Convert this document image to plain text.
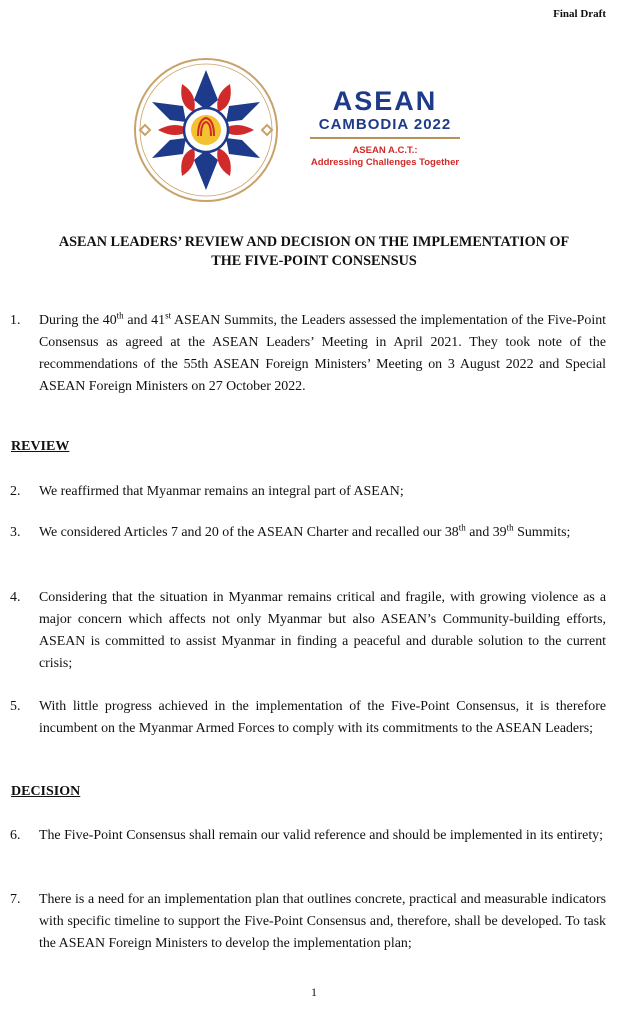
Final Draft
ASEAN
CAMBODIA 2022
ASEAN A.C.T.:
Addressing Challenges Together
ASEAN LEADERS’ REVIEW AND DECISION ON THE IMPLEMENTATION OF
THE FIVE-POINT CONSENSUS
1.	During the 40th and 41st ASEAN Summits, the Leaders assessed the implementation of the Five-Point Consensus as agreed at the ASEAN Leaders’ Meeting in April 2021. They took note of the recommendations of the 55th ASEAN Foreign Ministers’ Meeting on 3 August 2022 and Special ASEAN Foreign Ministers on 27 October 2022.
REVIEW
2.	We reaffirmed that Myanmar remains an integral part of ASEAN;
3.	We considered Articles 7 and 20 of the ASEAN Charter and recalled our 38th and 39th Summits;
4.	Considering that the situation in Myanmar remains critical and fragile, with growing violence as a major concern which affects not only Myanmar but also ASEAN’s Community-building efforts, ASEAN is committed to assist Myanmar in finding a peaceful and durable solution to the current crisis;
5.	With little progress achieved in the implementation of the Five-Point Consensus, it is therefore incumbent on the Myanmar Armed Forces to comply with its commitments to the ASEAN Leaders;
DECISION
6.	The Five-Point Consensus shall remain our valid reference and should be implemented in its entirety;
7.	There is a need for an implementation plan that outlines concrete, practical and measurable indicators with specific timeline to support the Five-Point Consensus and, therefore, shall be developed. To task the ASEAN Foreign Ministers to develop the implementation plan;
1
